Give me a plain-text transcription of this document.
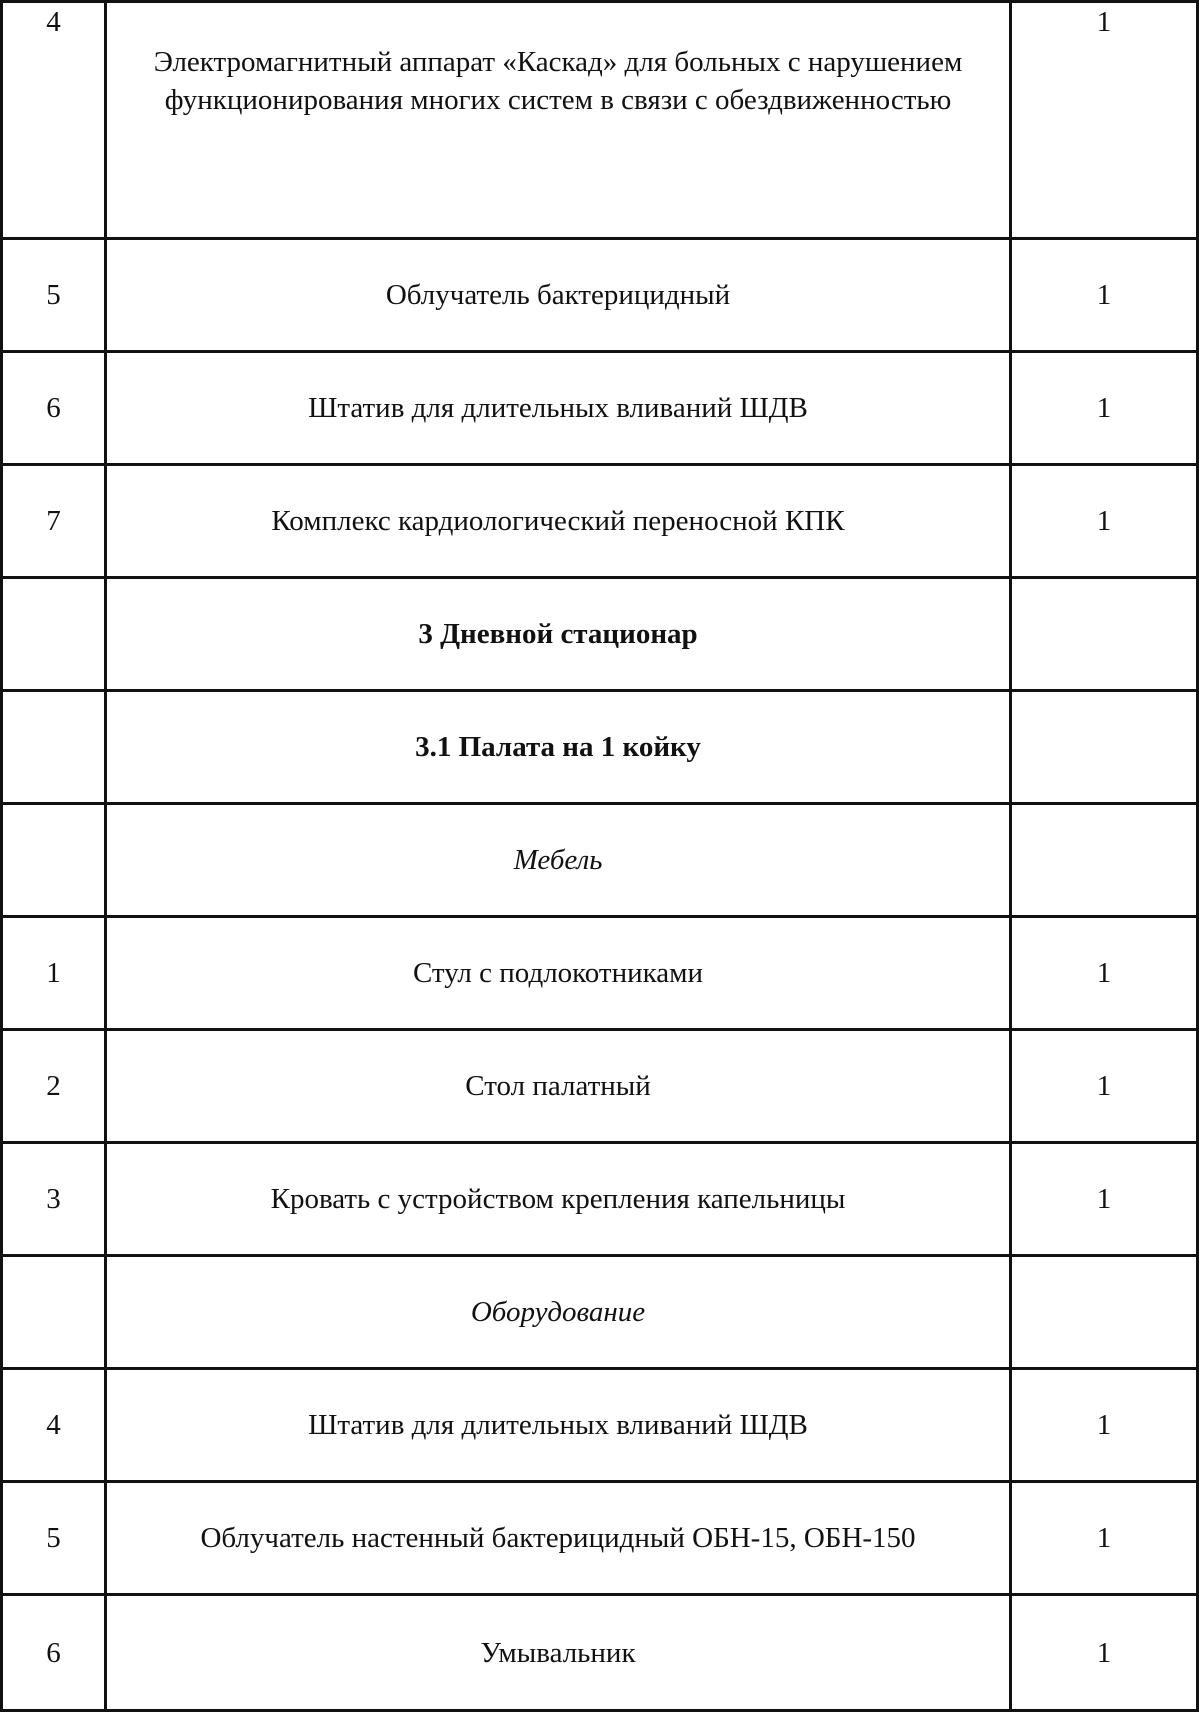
4	Электромагнитный аппарат «Каскад» для больных с нарушением функционирования многих систем в связи с обездвиженностью	1
5	Облучатель бактерицидный	1
6	Штатив для длительных вливаний ШДВ	1
7	Комплекс кардиологический переносной КПК	1
	3 Дневной стационар	
	3.1 Палата на 1 койку	
	Мебель	
1	Стул с подлокотниками	1
2	Стол палатный	1
3	Кровать с устройством крепления капельницы	1
	Оборудование	
4	Штатив для длительных вливаний ШДВ	1
5	Облучатель настенный бактерицидный ОБН-15, ОБН-150	1
6	Умывальник	1
